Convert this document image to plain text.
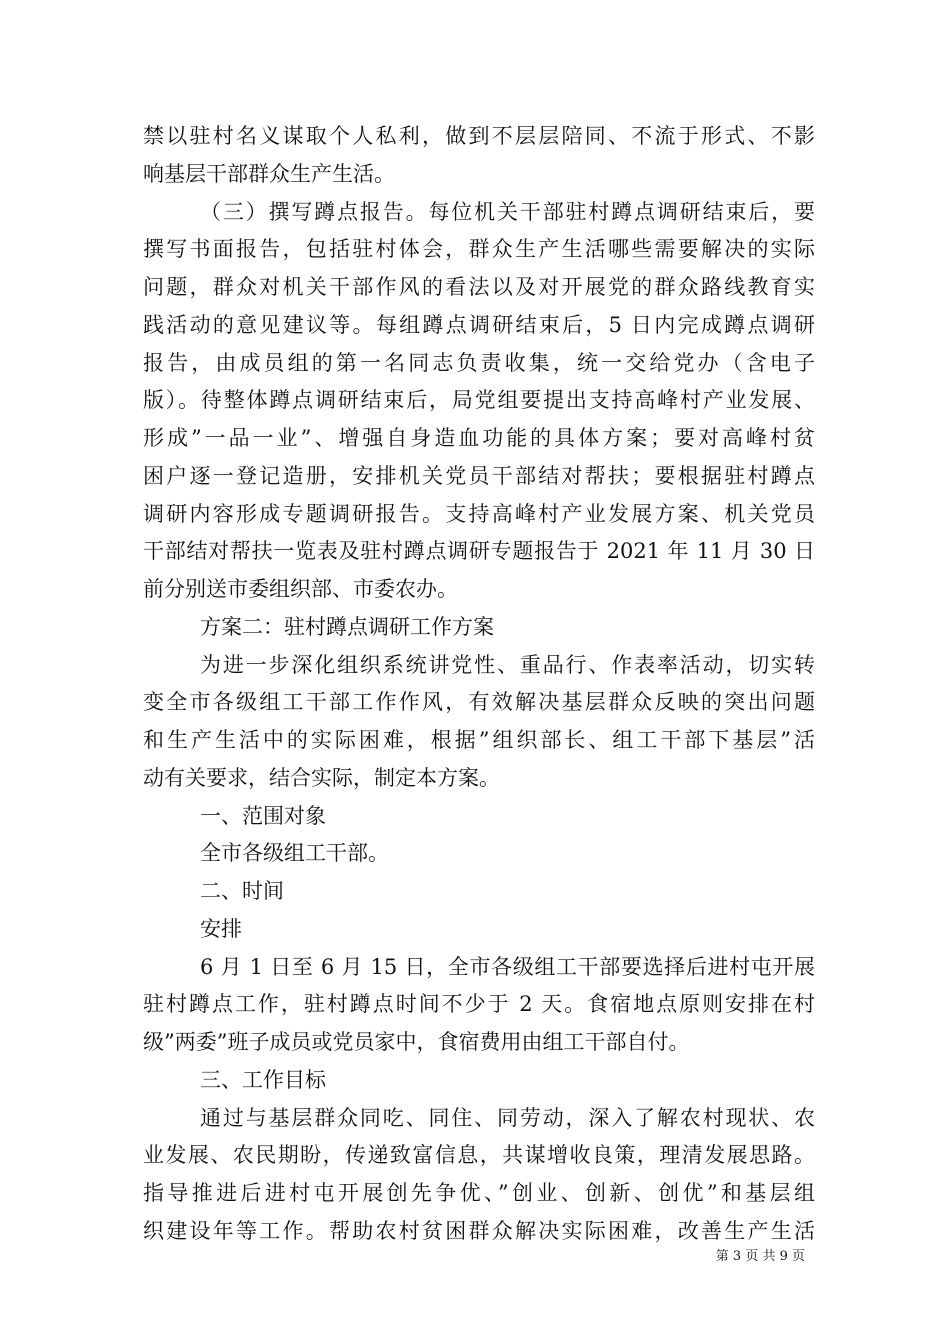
禁以驻村名义谋取个人私利，做到不层层陪同、不流于形式、不影
响基层干部群众生产生活。
（三）撰写蹲点报告。每位机关干部驻村蹲点调研结束后，要
撰写书面报告，包括驻村体会，群众生产生活哪些需要解决的实际
问题，群众对机关干部作风的看法以及对开展党的群众路线教育实
践活动的意见建议等。每组蹲点调研结束后，5 日内完成蹲点调研
报告，由成员组的第一名同志负责收集，统一交给党办（含电子
版）。待整体蹲点调研结束后，局党组要提出支持高峰村产业发展、
形成”一品一业”、增强自身造血功能的具体方案；要对高峰村贫
困户逐一登记造册，安排机关党员干部结对帮扶；要根据驻村蹲点
调研内容形成专题调研报告。支持高峰村产业发展方案、机关党员
干部结对帮扶一览表及驻村蹲点调研专题报告于 2021 年 11 月 30 日
前分别送市委组织部、市委农办。
方案二：驻村蹲点调研工作方案
为进一步深化组织系统讲党性、重品行、作表率活动，切实转
变全市各级组工干部工作作风，有效解决基层群众反映的突出问题
和生产生活中的实际困难，根据”组织部长、组工干部下基层”活
动有关要求，结合实际，制定本方案。
一、范围对象
全市各级组工干部。
二、时间
安排
6 月 1 日至 6 月 15 日，全市各级组工干部要选择后进村屯开展
驻村蹲点工作，驻村蹲点时间不少于 2 天。食宿地点原则安排在村
级”两委”班子成员或党员家中，食宿费用由组工干部自付。
三、工作目标
通过与基层群众同吃、同住、同劳动，深入了解农村现状、农
业发展、农民期盼，传递致富信息，共谋增收良策，理清发展思路。
指导推进后进村屯开展创先争优、”创业、创新、创优”和基层组
织建设年等工作。帮助农村贫困群众解决实际困难，改善生产生活
第 3 页 共 9 页
